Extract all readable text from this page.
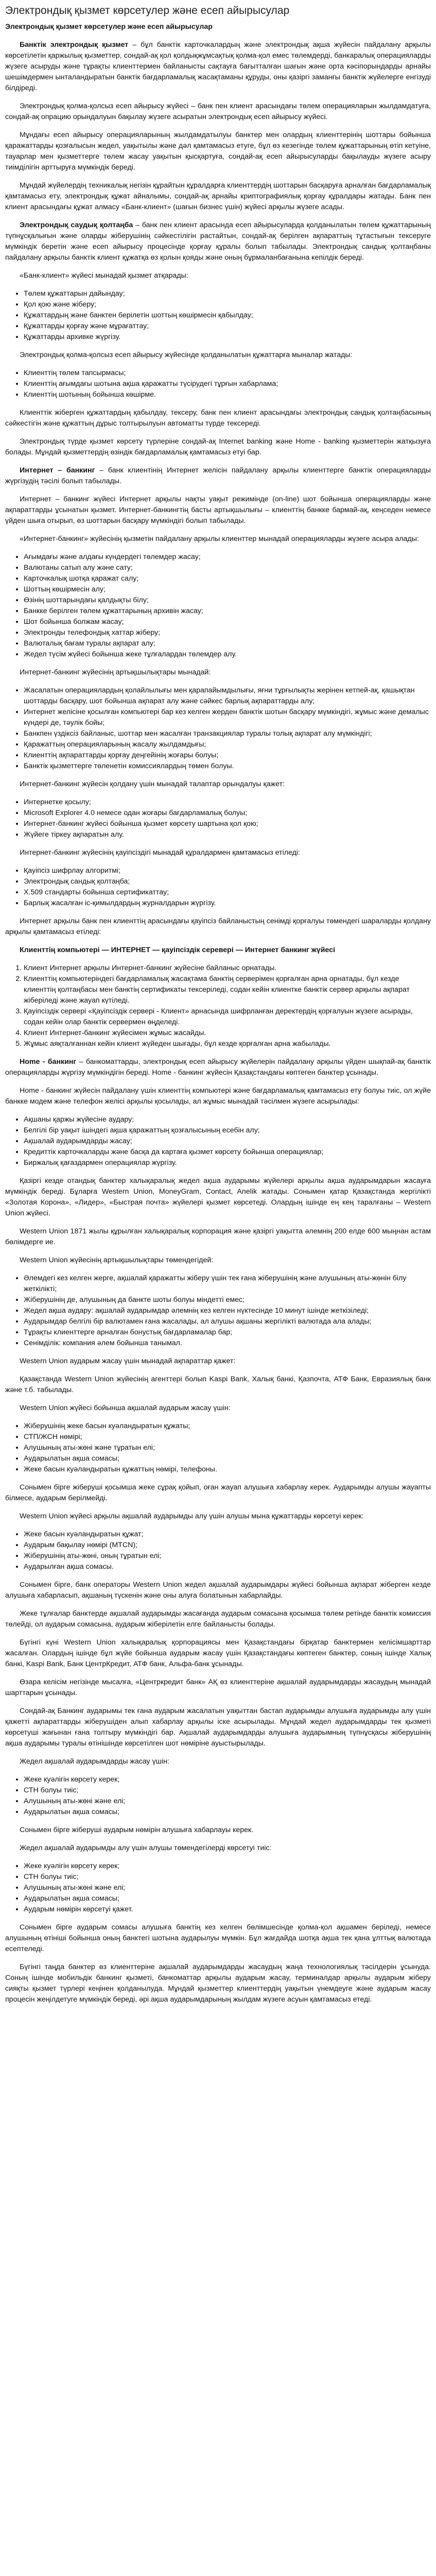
Электрондық қызмет көрсетулер және есеп айырысулар

Электрондық қызмет көрсетулер және есеп айырысулар

Банктік электрондық қызмет – бұл банктік карточкалардың және электрондық ақша жүйесін пайдалану арқылы көрсетілетін қаржылық қызметтер, сондай-ақ қол қолдықжұмсақтық қолма-қол емес төлемдерді, банкаралық операцияларды жүзеге асыруды және тұрақты клиенттермен байланысты сақтауға бағытталған шағын және орта кәсіпорындарды арнайы шешімдермен ынталандыратын банктік бағдарламалық жасақтаманы құруды, оны қазіргі заманғы банктік жүйелерге енгізуді білдіреді.

Электрондық қолма-қолсыз есеп айырысу жүйесі – банк пен клиент арасындағы төлем операцияларын жылдамдатуға, сондай-ақ опрацию орындалуын бақылау жүзеге асыратын электрондық есеп айырысу жүйесі.

Мұндағы есеп айырысу операцияларының жылдамдатылуы банктер мен олардың клиенттерінің шоттары бойынша қаражаттарды қозғалысын жедел, уақытылы және дәл қамтамасыз етуге, бұл өз кезегінде төлем құжаттарының өтіп кетуіне, тауарлар мен қызметтерге төлем жасау уақытын қысқартуға, сондай-ақ есеп айырысуларды бақылауды жүзеге асыру тиімділігін арттыруға мүмкіндік береді.

Мұндай жүйелердің техникалық негізін құрайтын құралдарға клиенттердің шоттарын басқаруға арналған бағдарламалық қамтамасыз ету, электрондық құжат айналымы, сондай-ақ арнайы криптографиялық қорғау құралдары жатады. Банк пен клиент арасындағы құжат алмасу «Банк-клиент» (шағын бизнес үшін) жүйесі арқылы жүзеге асады.

Электрондық саудық қолтаңба – банк пен клиент арасында есеп айырысуларда қолданылатын төлем құжаттарының түпнұсқалығын және оларды жіберушінің сәйкестілігін растайтын, сондай-ақ берілген ақпараттың тұтастығын тексеруге мүмкіндік беретін және есеп айырысу процесінде қорғау құралы болып табылады. Электрондық сандық қолтаңбаны пайдалану арқылы банктік клиент құжатқа өз қолын қояды және оның бұрмаланбағанына кепілдік береді.

«Банк-клиент» жүйесі мынадай қызмет атқарады:

• Төлем құжаттарын дайындау;
• Қол қою және жіберу;
• Құжаттардың және банктен берілетін шоттың көшірмесін қабылдау;
• Құжаттарды қорғау және мұрағаттау;
• Құжаттарды архивке жүргізу.

Электрондық қолма-қолсыз есеп айырысу жүйесінде қолданылатын құжаттарға мыналар жатады:

• Клиенттің төлем тапсырмасы;
• Клиенттің ағымдағы шотына ақша қаражатты түсірудегі тұрғын хабарлама;
• Клиенттің шотының бойынша көшірме.

Клиенттік жіберген құжаттардың қабылдау, тексеру, банк пен клиент арасындағы электрондық сандық қолтаңбасының сәйкестігін және құжаттың дұрыс толтырылуын автоматты түрде тексереді.

Электрондық түрде қызмет көрсету түрлеріне сондай-ақ Internet banking және Home - banking қызметтерін жатқызуға болады. Мұндай қызметтердің өзіндік бағдарламалық қамтамасыз етуі бар.

Интернет – банкинг – банк клиентінің Интернет желісін пайдалану арқылы клиенттерге банктік операцияларды жүргізудің тәсілі болып табылады.

Интернет – банкинг жүйесі Интернет арқылы нақты уақыт режимінде (on-line) шот бойынша операцияларды және ақпараттарды ұсынатын қызмет. Интернет-банкингтің басты артықшылығы – клиенттің банкке бармай-ақ, кеңседен немесе үйден шыға отырып, өз шоттарын басқару мүмкіндігі болып табылады.

«Интернет-банкинг» жүйесінің қызметін пайдалану арқылы клиенттер мынадай операцияларды жүзеге асыра алады:

• Ағымдағы және алдағы күндердегі төлемдер жасау;
• Валютаны сатып алу және сату;
• Карточкалық шотқа қаражат салу;
• Шоттың көшірмесін алу;
• Өзінің шоттарындағы қалдықты білу;
• Банкке берілген төлем құжаттарының архивін жасау;
• Шот бойынша болжам жасау;
• Электронды телефондық хаттар жіберу;
• Валюталық бағам туралы ақпарат алу;
• Жедел түсім жүйесі бойынша жеке тұлғалардан төлемдер алу.

Интернет-банкинг жүйесінің артықшылықтары мынадай:

• Жасалатын операциялардың қолайлылығы мен қарапайымдылығы, яғни тұрғылықты жерінен кетпей-ақ, қашықтан шоттарды басқару, шот бойынша ақпарат алу және сәйкес барлық ақпараттарды алу;
• Интернет желісіне қосылған компьютері бар кез келген жерден банктік шотын басқару мүмкіндігі, жұмыс және демалыс күндері де, тәулік бойы;
• Банкпен үздіксіз байланыс, шоттар мен жасалған транзакциялар туралы толық ақпарат алу мүмкіндігі;
• Қаражаттың операцияларының жасалу жылдамдығы;
• Клиенттің ақпараттарды қорғау деңгейінің жоғары болуы;
• Банктік қызметтерге төленетін комиссиялардың төмен болуы.

Интернет-банкинг жүйесін қолдану үшін мынадай талаптар орындалуы қажет:

• Интернетке қосылу;
• Microsoft Explorer 4.0 немесе одан жоғары бағдарламалық болуы;
• Интернет-банкинг жүйесі бойынша қызмет көрсету шартына қол қою;
• Жүйеге тіркеу ақпаратын алу.

Интернет-банкинг жүйесінің қауіпсіздігі мынадай құралдармен қамтамасыз етіледі:

• Қауіпсіз шифрлау алгоритмі;
• Электрондық сандық қолтаңба;
• X.509 стандарты бойынша сертификаттау;
• Барлық жасалған іс-қимылдардың журналдарын жүргізу.

Интернет арқылы банк пен клиенттің арасындағы қауіпсіз байланыстың сенімді қорғалуы төмендегі шараларды қолдану арқылы қамтамасыз етіледі:

Клиенттің компьютері — ИНТЕРНЕТ — қауіпсіздік серевері — Интернет банкинг жүйесі

1. Клиент Интернет арқылы Интернет-банкинг жүйесіне байланыс орнатады.
2. Клиенттің компьютеріндегі бағдарламалық жасақтама банктің серверімен қорғалған арна орнатады, бұл кезде клиенттің қолтаңбасы мен банктің сертификаты тексеріледі, содан кейін клиентке банктік сервер арқылы ақпарат жіберіледі және жауап күтіледі.
3. Қауіпсіздік сервері «Қауіпсіздік сервері - Клиент» арнасында шифрланған деректердің қорғалуын жүзеге асырады, содан кейін олар банктік сервермен өңделеді.
4. Клиент Интернет-банкинг жүйесімен жұмыс жасайды.
5. Жұмыс аяқталғаннан кейін клиент жүйеден шығады, бұл кезде қорғалған арна жабылады.

Home - банкинг – банкоматтарды, электрондық есеп айырысу жүйелерін пайдалану арқылы үйден шықпай-ақ банктік операцияларды жүргізу мүмкіндігін береді. Home - банкинг жүйесін Қазақстандағы көптеген банктер ұсынады.

Home - банкинг жүйесін пайдалану үшін клиенттің компьютері және бағдарламалық қамтамасыз ету болуы тиіс, ол жүйе банкке модем және телефон желісі арқылы қосылады, ал жұмыс мынадай тәсілмен жүзеге асырылады:

• Ақшаны қаржы жүйесіне аудару;
• Белгілі бір уақыт ішіндегі ақша қаражаттың қозғалысының есебін алу;
• Ақшалай аударымдарды жасау;
• Кредиттік карточкаларды және басқа да картаға қызмет көрсету бойынша операциялар;
• Биржалық қағаздармен операциялар жүргізу.

Қазіргі кезде отандық банктер халықаралық жедел ақша аударымы жүйелері арқылы ақша аударымдарын жасауға мүмкіндік береді. Бұларға Western Union, MoneyGram, Contact, Anelik жатады. Сонымен қатар Қазақстанда жергілікті «Золотая Корона», «Лидер», «Быстрая почта» жүйелері қызмет көрсетеді. Олардың ішінде ең кең таралғаны – Western Union жүйесі.

Western Union 1871 жылы құрылған халықаралық корпорация және қазіргі уақытта әлемнің 200 елде 600 мыңнан астам бөлімдерге ие.

Western Union жүйесінің артықшылықтары төмендегідей:

• Әлемдегі кез келген жерге, ақшалай қаражатты жіберу үшін тек ғана жіберушінің және алушының аты-жөнін білу жеткілікті;
• Жіберушінің де, алушының да банкте шоты болуы міндетті емес;
• Жедел ақша аудару: ақшалай аударымдар әлемнің кез келген нүктесінде 10 минут ішінде жеткізіледі;
• Аударымдар белгілі бір валютамен ғана жасалады, ал алушы ақшаны жергілікті валютада ала алады;
• Тұрақты клиенттерге арналған бонустық бағдарламалар бар;
• Сенімділік: компания әлем бойынша танымал.

Western Union аударым жасау үшін мынадай ақпараттар қажет:

Қазақстанда Western Union жүйесінің агенттері болып Kaspi Bank, Халық банкі, Қазпочта, АТФ Банк, Евразиялық банк және т.б. табылады.

Western Union жүйесі бойынша ақшалай аударым жасау үшін:

• Жіберушінің жеке басын куәландыратын құжаты;
• СТП/ЖСН нөмірі;
• Алушының аты-жөні және тұратын елі;
• Аударылатын ақша сомасы;
• Жеке басын куәландыратын құжаттың нөмірі, телефоны.

Сонымен бірге жіберуші қосымша жеке сұрақ қойып, оған жауап алушыға хабарлау керек. Аударымды алушы жауапты білмесе, аударым берілмейді.

Western Union жүйесі арқылы ақшалай аударымды алу үшін алушы мына құжаттарды көрсетуі керек:

• Жеке басын куәландыратын құжат;
• Аударым бақылау нөмірі (MTCN);
• Жіберушінің аты-жөні, оның тұратын елі;
• Аударылған ақша сомасы.

Сонымен бірге, банк операторы Western Union жедел ақшалай аударымдары жүйесі бойынша ақпарат жіберген кезде алушыға хабарласып, ақшаның түскенін және оны алуға болатынын хабарлайды.

Жеке тұлғалар банктерде ақшалай аударымды жасағанда аударым сомасына қосымша төлем ретінде банктік комиссия төлейді, ол аударым сомасына, аударым жіберілетін елге байланысты болады.

Бүгінгі күні Western Union халықаралық қорпорациясы мен Қазақстандағы бірқатар банктермен келісімшарттар жасалған. Олардың ішінде бұл жүйе бойынша аударым жасау үшін Қазақстандағы көптеген банктер, соның ішінде Халық банкі, Kaspi Bank, Банк ЦентрКредит, АТФ банк, Альфа-банк ұсынады.

Өзара келісім негізінде мысалға, «Центркредит банк» АҚ өз клиенттеріне ақшалай аударымдарды жасаудың мынадай шарттарын ұсынады.

Сондай-ақ Банкинг аударымы тек ғана аударым жасалатын уақыттан бастап аударымды алушыға аударымды алу үшін қажетті ақпараттарды жіберушіден алып хабарлау арқылы іске асырылады. Мұндай жедел аударымдарды тек қызметі көрсетуші жағынан ғана толтыру мүмкіндігі бар. Ақшалай аударымдарды алушыға аударымның түпнұсқасы жіберушінің ақша аударымы туралы өтінішінде көрсетілген шот нөміріне ауыстырылады.

Жедел ақшалай аударымдарды жасау үшін:

• Жеке куәлігін көрсету керек;
• СТН болуы тиіс;
• Алушының аты-жөні және елі;
• Аударылатын ақша сомасы;

Сонымен бірге жіберуші аударым нөмірін алушыға хабарлауы керек.

Жедел ақшалай аударымды алу үшін алушы төмендегілерді көрсетуі тиіс:

• Жеке куәлігін көрсету керек;
• СТН болуы тиіс;
• Алушының аты-жөні және елі;
• Аударылатын ақша сомасы;
• Аударым нөмірін көрсетуі қажет.

Сонымен бірге аударым сомасы алушыға банктің кез келген бөлімшесінде қолма-қол ақшамен беріледі, немесе алушының өтініші бойынша оның банктегі шотына аударылуы мүмкін. Бұл жағдайда шотқа ақша тек қана ұлттық валютада есептеледі.

Бүгінгі таңда банктер өз клиенттеріне ақшалай аударымдарды жасаудың жаңа технологиялық тәсілдерін ұсынуда. Соның ішінде мобильдік банкинг қызметі, банкоматтар арқылы аударым жасау, терминалдар арқылы аударым жіберу сияқты қызмет түрлері кеңінен қолданылуда. Мұндай қызметтер клиенттердің уақытын үнемдеуге және аударым жасау процесін жеңілдетуге мүмкіндік береді, әрі ақша аударымдарының жылдам жүзеге асуын қамтамасыз етеді.
